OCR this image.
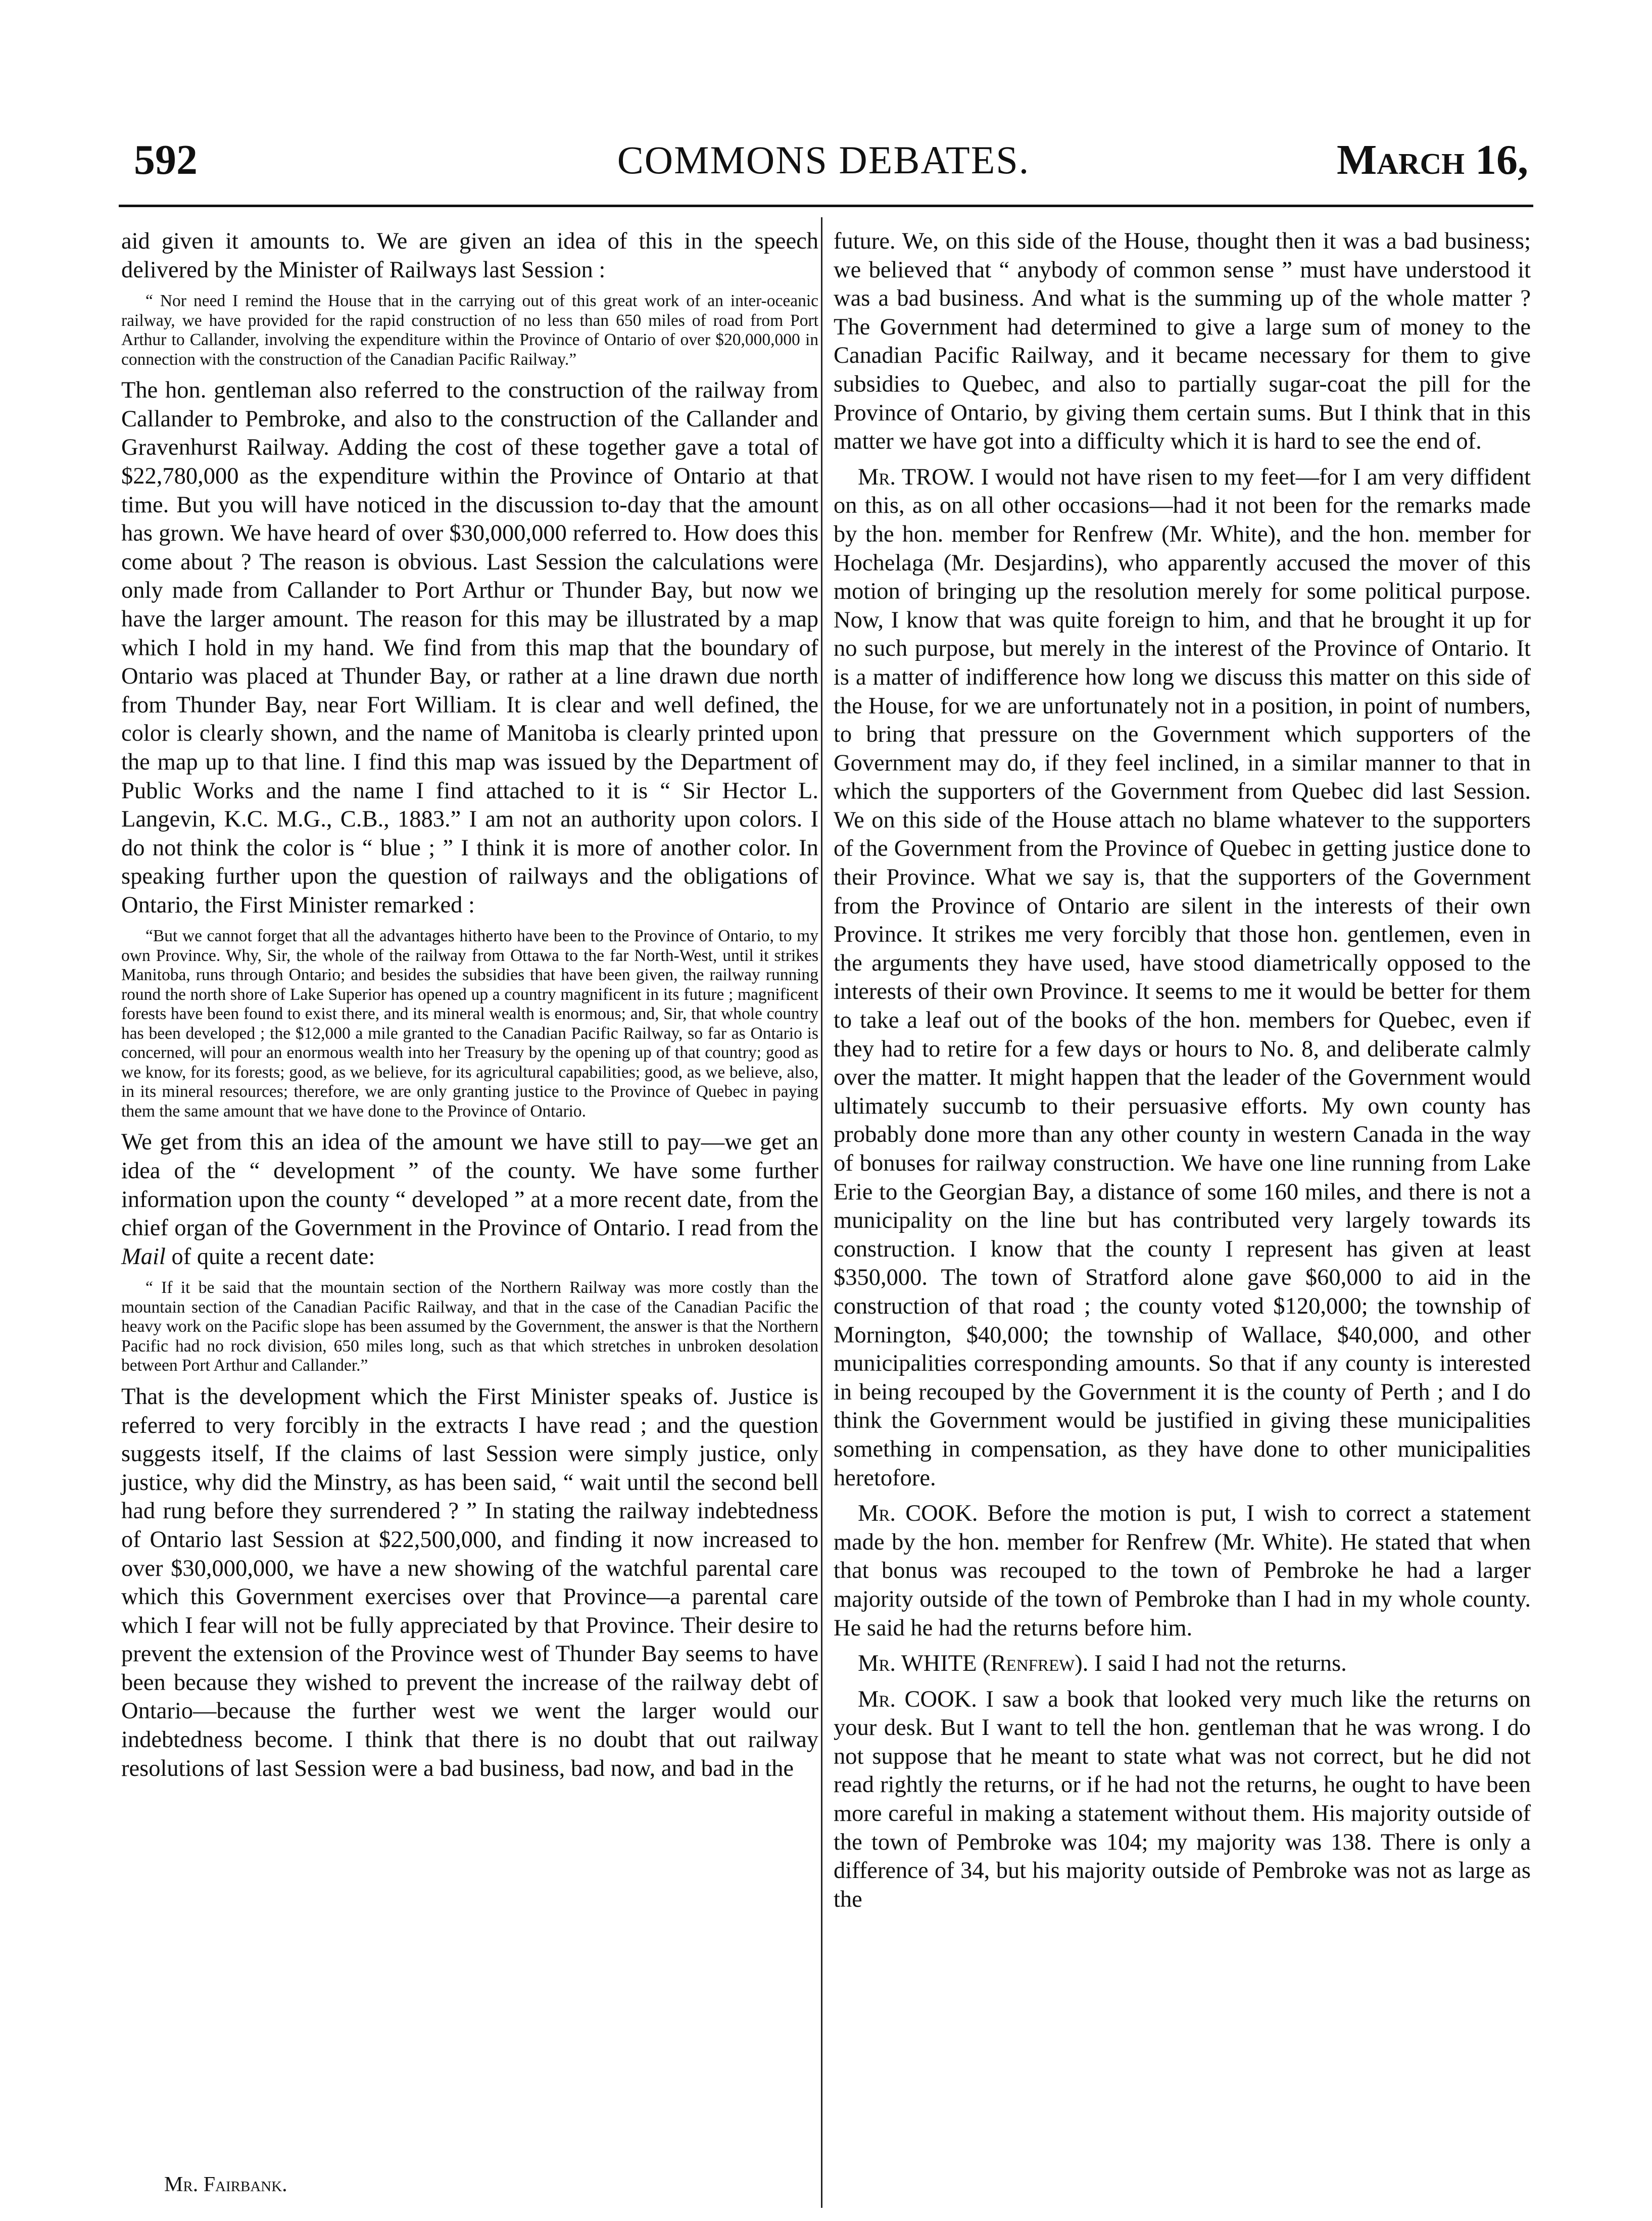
592	COMMONS DEBATES.	March 16,

aid given it amounts to. We are given an idea of this in the speech delivered by the Minister of Railways last Session :

“ Nor need I remind the House that in the carrying out of this great work of an inter-oceanic railway, we have provided for the rapid construction of no less than 650 miles of road from Port Arthur to Callander, involving the expenditure within the Province of Ontario of over $20,000,000 in connection with the construction of the Canadian Pacific Railway.”

The hon. gentleman also referred to the construction of the railway from Callander to Pembroke, and also to the construction of the Callander and Gravenhurst Railway. Adding the cost of these together gave a total of $22,780,000 as the expenditure within the Province of Ontario at that time. But you will have noticed in the discussion to-day that the amount has grown. We have heard of over $30,000,000 referred to. How does this come about ? The reason is obvious. Last Session the calculations were only made from Callander to Port Arthur or Thunder Bay, but now we have the larger amount. The reason for this may be illustrated by a map which I hold in my hand. We find from this map that the boundary of Ontario was placed at Thunder Bay, or rather at a line drawn due north from Thunder Bay, near Fort William. It is clear and well defined, the color is clearly shown, and the name of Manitoba is clearly printed upon the map up to that line. I find this map was issued by the Department of Public Works and the name I find attached to it is “ Sir Hector L. Langevin, K.C. M.G., C.B., 1883.” I am not an authority upon colors. I do not think the color is “ blue ; ” I think it is more of another color. In speaking further upon the question of railways and the obligations of Ontario, the First Minister remarked :

“But we cannot forget that all the advantages hitherto have been to the Province of Ontario, to my own Province. Why, Sir, the whole of the railway from Ottawa to the far North-West, until it strikes Manitoba, runs through Ontario; and besides the subsidies that have been given, the railway running round the north shore of Lake Superior has opened up a country magnificent in its future ; magnificent forests have been found to exist there, and its mineral wealth is enormous; and, Sir, that whole country has been developed ; the $12,000 a mile granted to the Canadian Pacific Railway, so far as Ontario is concerned, will pour an enormous wealth into her Treasury by the opening up of that country; good as we know, for its forests; good, as we believe, for its agricultural capabilities; good, as we believe, also, in its mineral resources; therefore, we are only granting justice to the Province of Quebec in paying them the same amount that we have done to the Province of Ontario.

We get from this an idea of the amount we have still to pay—we get an idea of the “ development ” of the county. We have some further information upon the county “ developed ” at a more recent date, from the chief organ of the Government in the Province of Ontario. I read from the Mail of quite a recent date:

“ If it be said that the mountain section of the Northern Railway was more costly than the mountain section of the Canadian Pacific Railway, and that in the case of the Canadian Pacific the heavy work on the Pacific slope has been assumed by the Government, the answer is that the Northern Pacific had no rock division, 650 miles long, such as that which stretches in unbroken desolation between Port Arthur and Callander.”

That is the development which the First Minister speaks of. Justice is referred to very forcibly in the extracts I have read ; and the question suggests itself, If the claims of last Session were simply justice, only justice, why did the Minstry, as has been said, “ wait until the second bell had rung before they surrendered ? ” In stating the railway indebtedness of Ontario last Session at $22,500,000, and finding it now increased to over $30,000,000, we have a new showing of the watchful parental care which this Government exercises over that Province—a parental care which I fear will not be fully appreciated by that Province. Their desire to prevent the extension of the Province west of Thunder Bay seems to have been because they wished to prevent the increase of the railway debt of Ontario—because the further west we went the larger would our indebtedness become. I think that there is no doubt that out railway resolutions of last Session were a bad business, bad now, and bad in the

future. We, on this side of the House, thought then it was a bad business; we believed that “ anybody of common sense ” must have understood it was a bad business. And what is the summing up of the whole matter ? The Government had determined to give a large sum of money to the Canadian Pacific Railway, and it became necessary for them to give subsidies to Quebec, and also to partially sugar-coat the pill for the Province of Ontario, by giving them certain sums. But I think that in this matter we have got into a difficulty which it is hard to see the end of.

Mr. TROW. I would not have risen to my feet—for I am very diffident on this, as on all other occasions—had it not been for the remarks made by the hon. member for Renfrew (Mr. White), and the hon. member for Hochelaga (Mr. Desjardins), who apparently accused the mover of this motion of bringing up the resolution merely for some political purpose. Now, I know that was quite foreign to him, and that he brought it up for no such purpose, but merely in the interest of the Province of Ontario. It is a matter of indifference how long we discuss this matter on this side of the House, for we are unfortunately not in a position, in point of numbers, to bring that pressure on the Government which supporters of the Government may do, if they feel inclined, in a similar manner to that in which the supporters of the Government from Quebec did last Session. We on this side of the House attach no blame whatever to the supporters of the Government from the Province of Quebec in getting justice done to their Province. What we say is, that the supporters of the Government from the Province of Ontario are silent in the interests of their own Province. It strikes me very forcibly that those hon. gentlemen, even in the arguments they have used, have stood diametrically opposed to the interests of their own Province. It seems to me it would be better for them to take a leaf out of the books of the hon. members for Quebec, even if they had to retire for a few days or hours to No. 8, and deliberate calmly over the matter. It might happen that the leader of the Government would ultimately succumb to their persuasive efforts. My own county has probably done more than any other county in western Canada in the way of bonuses for railway construction. We have one line running from Lake Erie to the Georgian Bay, a distance of some 160 miles, and there is not a municipality on the line but has contributed very largely towards its construction. I know that the county I represent has given at least $350,000. The town of Stratford alone gave $60,000 to aid in the construction of that road ; the county voted $120,000; the township of Mornington, $40,000; the township of Wallace, $40,000, and other municipalities corresponding amounts. So that if any county is interested in being recouped by the Government it is the county of Perth ; and I do think the Government would be justified in giving these municipalities something in compensation, as they have done to other municipalities heretofore.

Mr. COOK. Before the motion is put, I wish to correct a statement made by the hon. member for Renfrew (Mr. White). He stated that when that bonus was recouped to the town of Pembroke he had a larger majority outside of the town of Pembroke than I had in my whole county. He said he had the returns before him.

Mr. WHITE (Renfrew). I said I had not the returns.

Mr. COOK. I saw a book that looked very much like the returns on your desk. But I want to tell the hon. gentleman that he was wrong. I do not suppose that he meant to state what was not correct, but he did not read rightly the returns, or if he had not the returns, he ought to have been more careful in making a statement without them. His majority outside of the town of Pembroke was 104; my majority was 138. There is only a difference of 34, but his majority outside of Pembroke was not as large as the

Mr. Fairbank.
